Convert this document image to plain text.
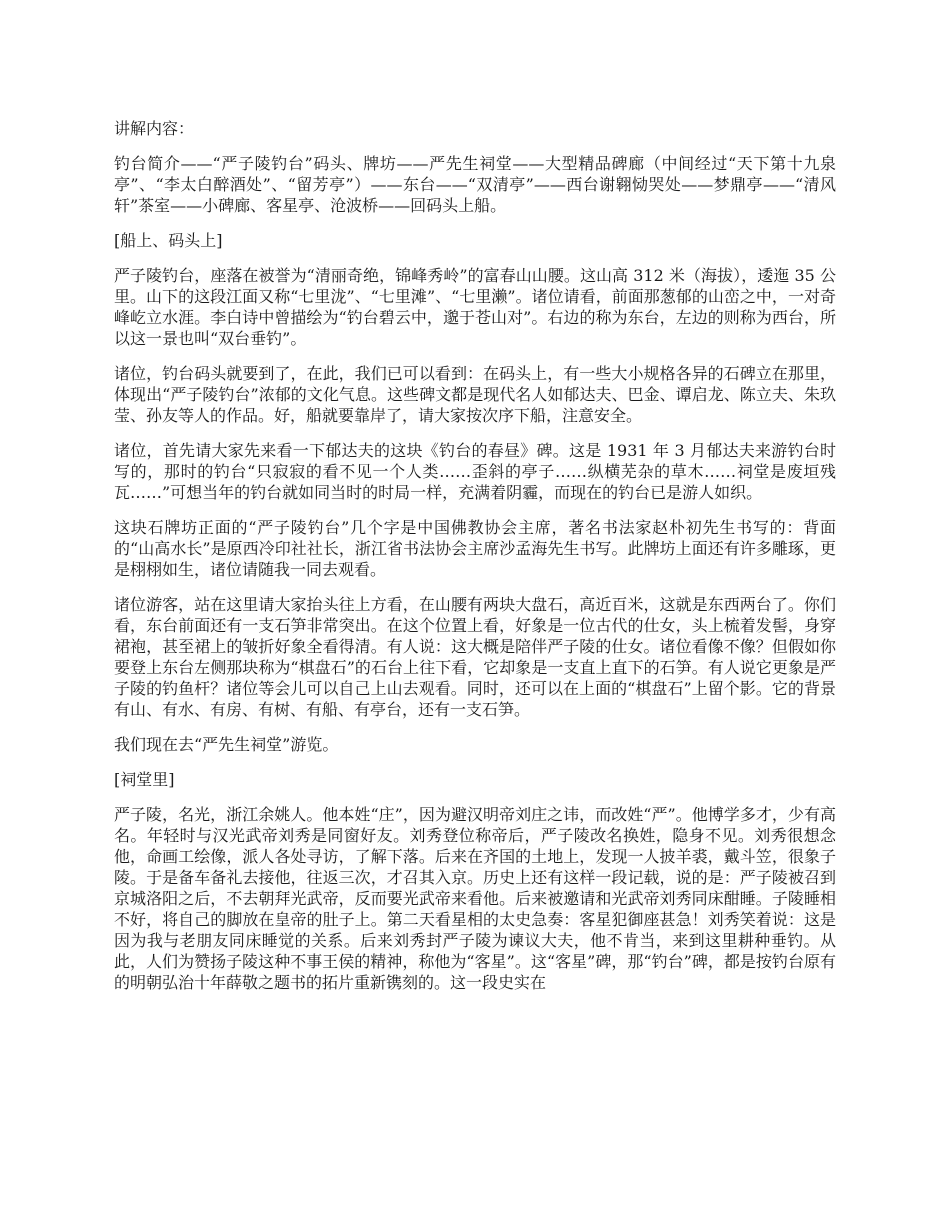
讲解内容：

钓台简介——“严子陵钓台”码头、牌坊——严先生祠堂——大型精品碑廊（中间经过“天下第十九泉亭”、“李太白醉酒处”、“留芳亭”）——东台——“双清亭”——西台谢翱恸哭处——梦鼎亭——“清风轩”茶室——小碑廊、客星亭、沧波桥——回码头上船。

[船上、码头上]

严子陵钓台，座落在被誉为“清丽奇绝，锦峰秀岭”的富春山山腰。这山高 312 米（海拔），逶迤 35 公里。山下的这段江面又称“七里泷”、“七里滩”、“七里濑”。诸位请看，前面那葱郁的山峦之中，一对奇峰屹立水涯。李白诗中曾描绘为“钓台碧云中，邈于苍山对”。右边的称为东台，左边的则称为西台，所以这一景也叫“双台垂钓”。

诸位，钓台码头就要到了，在此，我们已可以看到：在码头上，有一些大小规格各异的石碑立在那里，体现出“严子陵钓台”浓郁的文化气息。这些碑文都是现代名人如郁达夫、巴金、谭启龙、陈立夫、朱玖莹、孙友等人的作品。好，船就要靠岸了，请大家按次序下船，注意安全。

诸位，首先请大家先来看一下郁达夫的这块《钓台的春昼》碑。这是 1931 年 3 月郁达夫来游钓台时写的，那时的钓台“只寂寂的看不见一个人类……歪斜的亭子……纵横芜杂的草木……祠堂是废垣残瓦……”可想当年的钓台就如同当时的时局一样，充满着阴霾，而现在的钓台已是游人如织。

这块石牌坊正面的“严子陵钓台”几个字是中国佛教协会主席，著名书法家赵朴初先生书写的：背面的“山高水长”是原西冷印社社长，浙江省书法协会主席沙孟海先生书写。此牌坊上面还有许多雕琢，更是栩栩如生，诸位请随我一同去观看。

诸位游客，站在这里请大家抬头往上方看，在山腰有两块大盘石，高近百米，这就是东西两台了。你们看，东台前面还有一支石笋非常突出。在这个位置上看，好象是一位古代的仕女，头上梳着发髻，身穿裙袍，甚至裙上的皱折好象全看得清。有人说：这大概是陪伴严子陵的仕女。诸位看像不像？但假如你要登上东台左侧那块称为“棋盘石”的石台上往下看，它却象是一支直上直下的石笋。有人说它更象是严子陵的钓鱼杆？诸位等会儿可以自己上山去观看。同时，还可以在上面的“棋盘石”上留个影。它的背景有山、有水、有房、有树、有船、有亭台，还有一支石笋。

我们现在去“严先生祠堂”游览。

[祠堂里]

严子陵，名光，浙江余姚人。他本姓“庄”，因为避汉明帝刘庄之讳，而改姓“严”。他博学多才，少有高名。年轻时与汉光武帝刘秀是同窗好友。刘秀登位称帝后，严子陵改名换姓，隐身不见。刘秀很想念他，命画工绘像，派人各处寻访，了解下落。后来在齐国的土地上，发现一人披羊裘，戴斗笠，很象子陵。于是备车备礼去接他，往返三次，才召其入京。历史上还有这样一段记载，说的是：严子陵被召到京城洛阳之后，不去朝拜光武帝，反而要光武帝来看他。后来被邀请和光武帝刘秀同床酣睡。子陵睡相不好，将自己的脚放在皇帝的肚子上。第二天看星相的太史急奏：客星犯御座甚急！刘秀笑着说：这是因为我与老朋友同床睡觉的关系。后来刘秀封严子陵为谏议大夫，他不肯当，来到这里耕种垂钓。从此，人们为赞扬子陵这种不事王侯的精神，称他为“客星”。这“客星”碑，那“钓台”碑，都是按钓台原有的明朝弘治十年薛敬之题书的拓片重新镌刻的。这一段史实在
